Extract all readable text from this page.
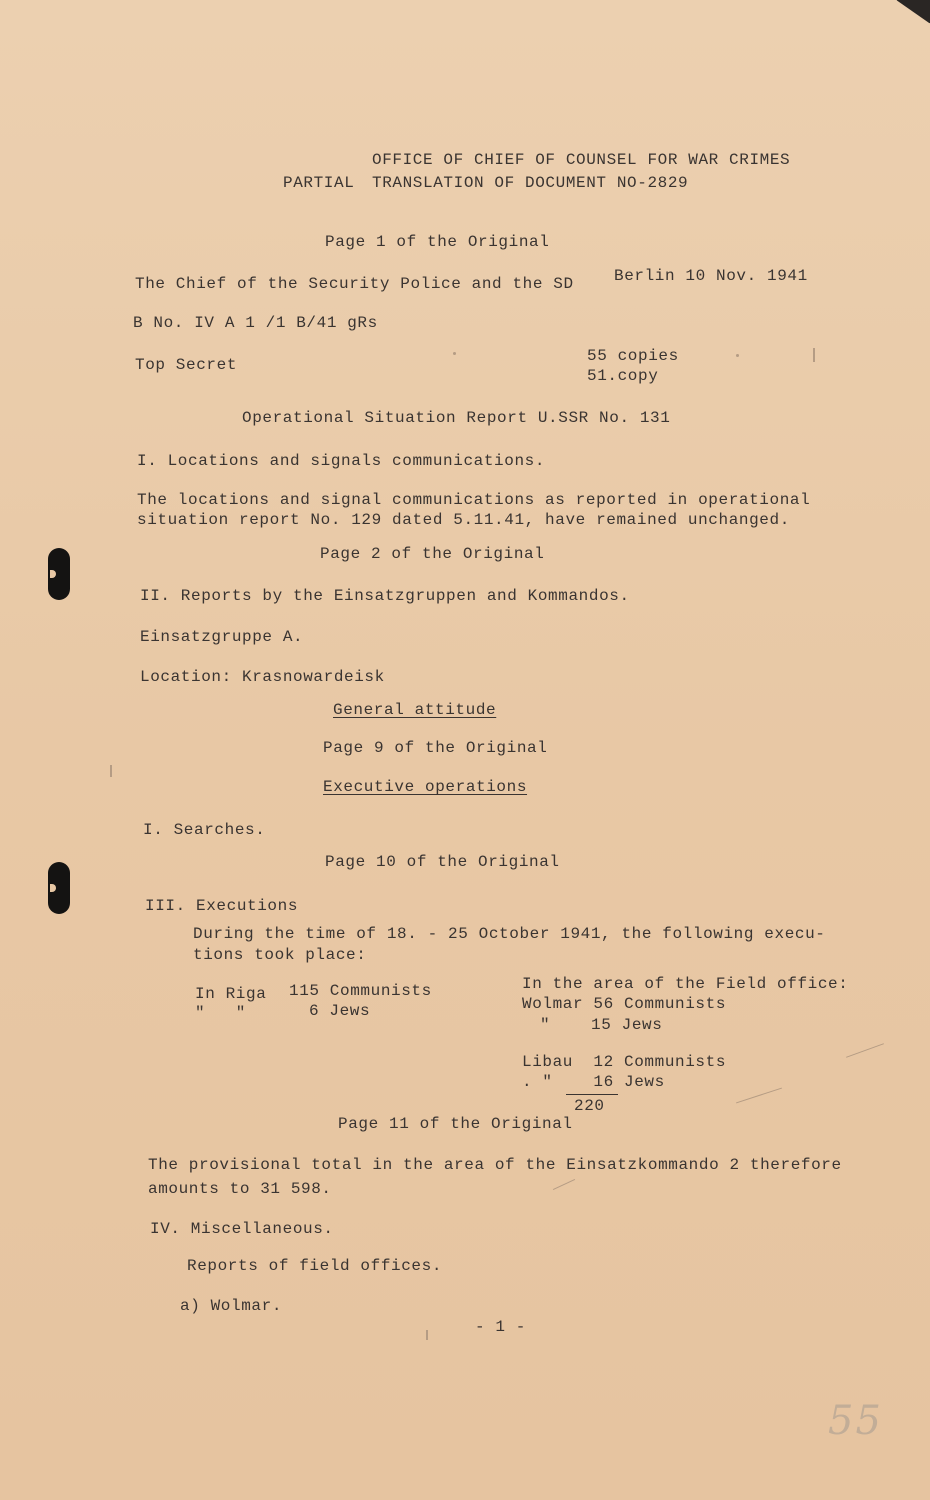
OFFICE OF CHIEF OF COUNSEL FOR WAR CRIMES
PARTIAL TRANSLATION OF DOCUMENT NO-2829
Page 1 of the Original
The Chief of the Security Police and the SD	Berlin 10 Nov. 1941
B No. IV A 1 /1 B/41 gRs
Top Secret	55 copies
51.copy
Operational Situation Report U.SSR No. 131
I. Locations and signals communications.
The locations and signal communications as reported in operational
situation report No. 129 dated 5.11.41, have remained unchanged.
Page 2 of the Original
II. Reports by the Einsatzgruppen and Kommandos.
Einsatzgruppe A.
Location: Krasnowardeisk
General attitude
Page 9 of the Original
Executive operations
I. Searches.
Page 10 of the Original
III. Executions
During the time of 18. - 25 October 1941, the following execu-
tions took place:
In Riga 115 Communists
"   "	6 Jews
In the area of the Field office:
Wolmar 56 Communists
"    15 Jews
Libau  12 Communists
. "    16 Jews
220
Page 11 of the Original
The provisional total in the area of the Einsatzkommando 2 therefore
amounts to 31 598.
IV. Miscellaneous.
Reports of field offices.
a) Wolmar.
- 1 -
55
